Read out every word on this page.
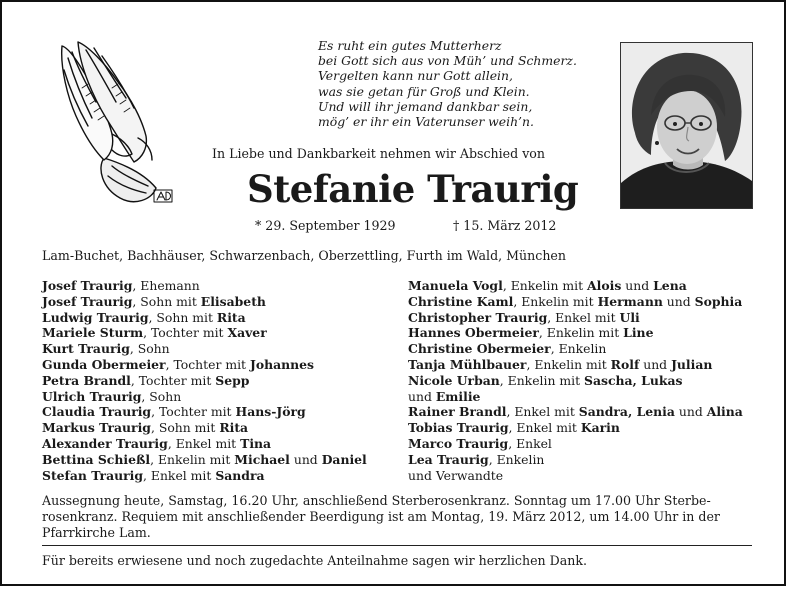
Es ruht ein gutes Mutterherz
bei Gott sich aus von Müh’ und Schmerz.
Vergelten kann nur Gott allein,
was sie getan für Groß und Klein.
Und will ihr jemand dankbar sein,
mög’ er ihr ein Vaterunser weih’n.
In Liebe und Dankbarkeit nehmen wir Abschied von
Stefanie Traurig
* 29. September 1929	† 15. März 2012
Lam-Buchet, Bachhäuser, Schwarzenbach, Oberzettling, Furth im Wald, München
Josef Traurig, Ehemann
Josef Traurig, Sohn mit Elisabeth
Ludwig Traurig, Sohn mit Rita
Mariele Sturm, Tochter mit Xaver
Kurt Traurig, Sohn
Gunda Obermeier, Tochter mit Johannes
Petra Brandl, Tochter mit Sepp
Ulrich Traurig, Sohn
Claudia Traurig, Tochter mit Hans-Jörg
Markus Traurig, Sohn mit Rita
Alexander Traurig, Enkel mit Tina
Bettina Schießl, Enkelin mit Michael und Daniel
Stefan Traurig, Enkel mit Sandra
Manuela Vogl, Enkelin mit Alois und Lena
Christine Kaml, Enkelin mit Hermann und Sophia
Christopher Traurig, Enkel mit Uli
Hannes Obermeier, Enkelin mit Line
Christine Obermeier, Enkelin
Tanja Mühlbauer, Enkelin mit Rolf und Julian
Nicole Urban, Enkelin mit Sascha, Lukas
und Emilie
Rainer Brandl, Enkel mit Sandra, Lenia und Alina
Tobias Traurig, Enkel mit Karin
Marco Traurig, Enkel
Lea Traurig, Enkelin
und Verwandte
Aussegnung heute, Samstag, 16.20 Uhr, anschließend Sterberosenkranz. Sonntag um 17.00 Uhr Sterbe-
rosenkranz. Requiem mit anschließender Beerdigung ist am Montag, 19. März 2012, um 14.00 Uhr in der
Pfarrkirche Lam.
Für bereits erwiesene und noch zugedachte Anteilnahme sagen wir herzlichen Dank.
